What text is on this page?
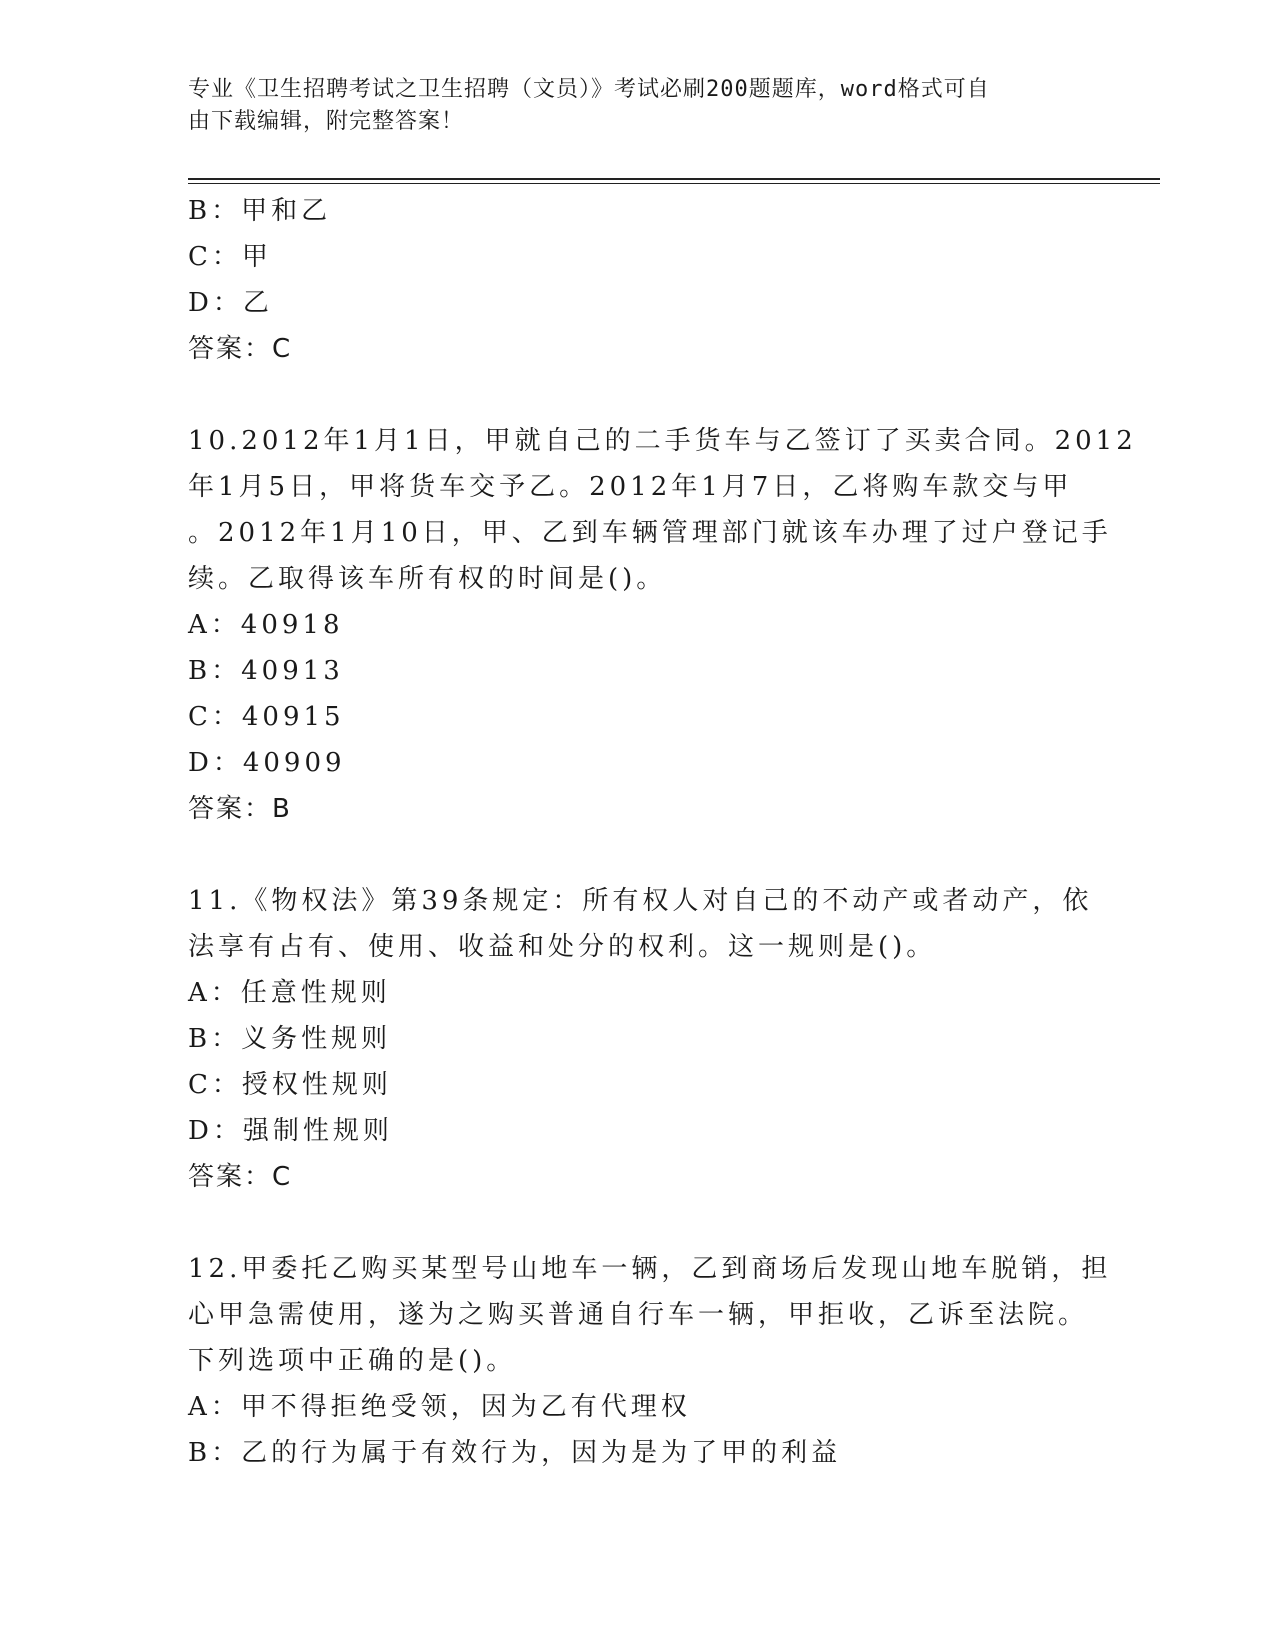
专业《卫生招聘考试之卫生招聘（文员）》考试必刷200题题库，word格式可自
由下载编辑，附完整答案！
B：甲和乙
C：甲
D：乙
答案：C
10.2012年1月1日，甲就自己的二手货车与乙签订了买卖合同。2012
年1月5日，甲将货车交予乙。2012年1月7日，乙将购车款交与甲
。2012年1月10日，甲、乙到车辆管理部门就该车办理了过户登记手
续。乙取得该车所有权的时间是()。
A：40918
B：40913
C：40915
D：40909
答案：B
11.《物权法》第39条规定：所有权人对自己的不动产或者动产，依
法享有占有、使用、收益和处分的权利。这一规则是()。
A：任意性规则
B：义务性规则
C：授权性规则
D：强制性规则
答案：C
12.甲委托乙购买某型号山地车一辆，乙到商场后发现山地车脱销，担
心甲急需使用，遂为之购买普通自行车一辆，甲拒收，乙诉至法院。
下列选项中正确的是()。
A：甲不得拒绝受领，因为乙有代理权
B：乙的行为属于有效行为，因为是为了甲的利益
